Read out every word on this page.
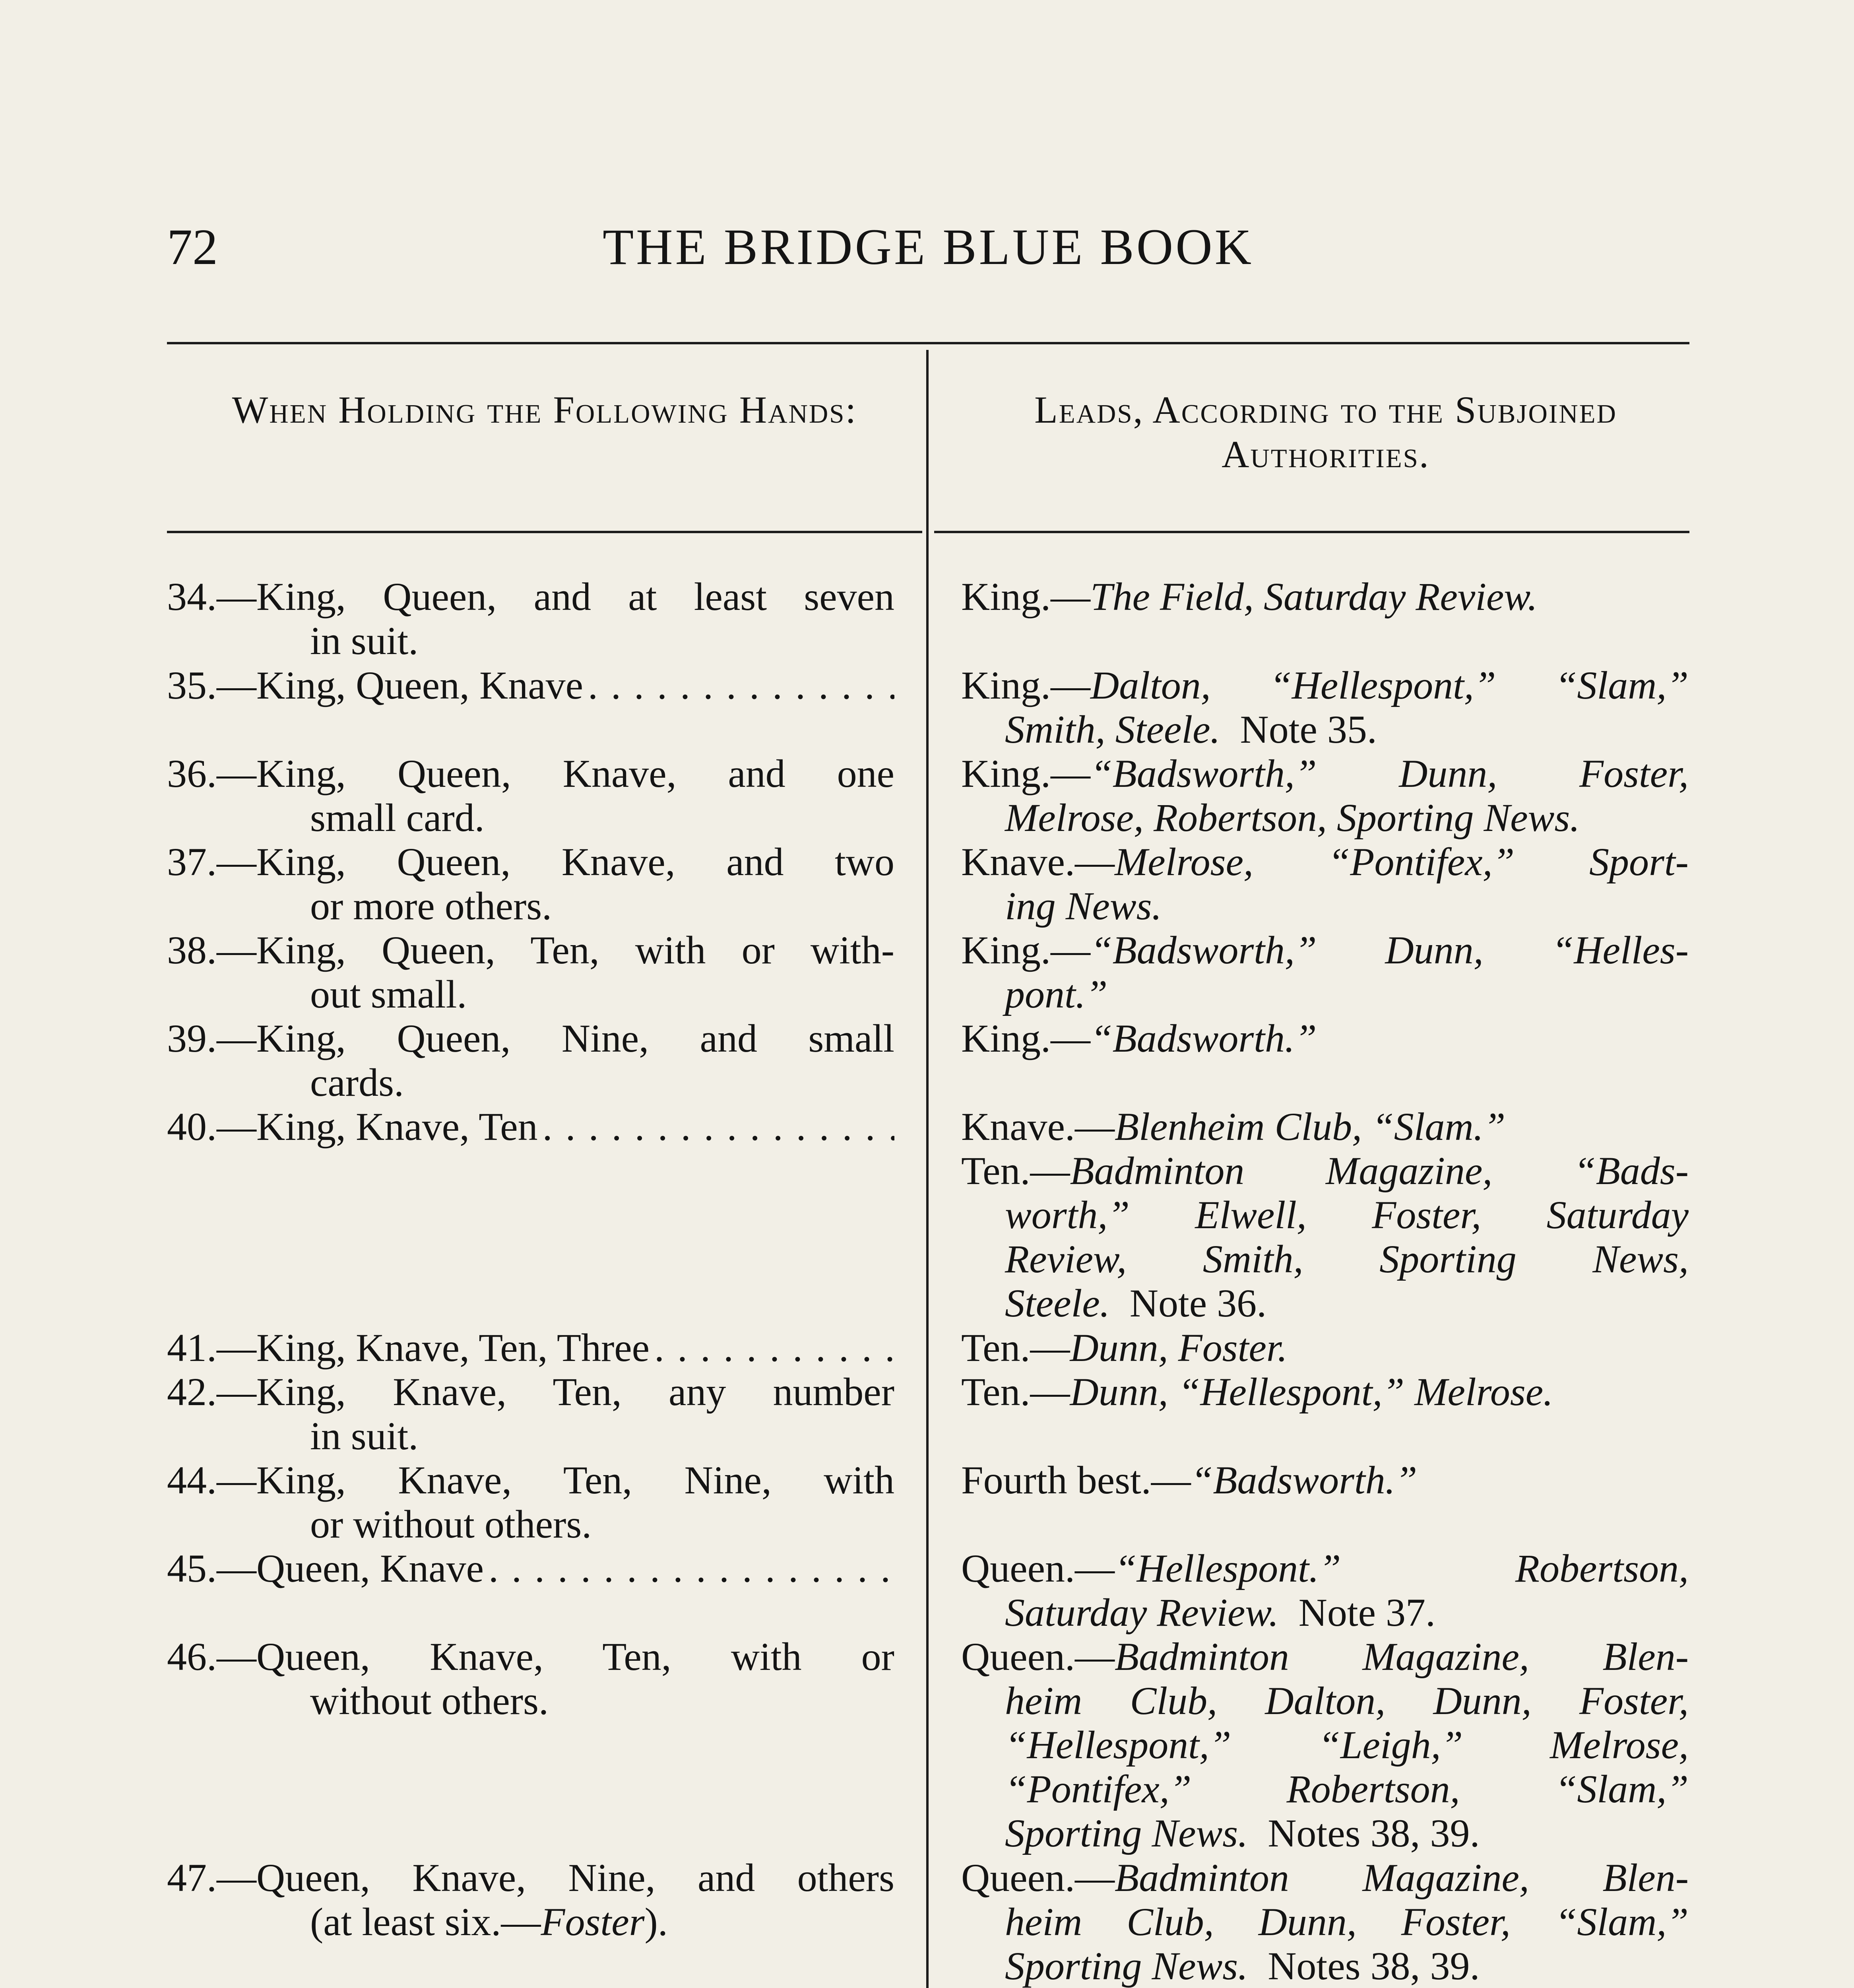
72	THE BRIDGE BLUE BOOK
When Holding the Following Hands:	Leads, According to the Subjoined Authorities.
34.—King, Queen, and at least seven
in suit.
35.—King, Queen, Knave
. . .
36.—King, Queen, Knave, and one
small card.
37.—King, Queen, Knave, and two
or more others.
38.—King, Queen, Ten, with or with-
out small.
39.—King, Queen, Nine, and small
cards.
40.—King, Knave, Ten
. . .
41.—King, Knave, Ten, Three
. . .
42.—King, Knave, Ten, any number
in suit.
44.—King, Knave, Ten, Nine, with
or without others.
45.—Queen, Knave
. . .
46.—Queen, Knave, Ten, with or
without others.
47.—Queen, Knave, Nine, and others
(at least six.—Foster).
King.—The Field, Saturday Review.
King.—Dalton, “Hellespont,” “Slam,”
Smith, Steele. Note 35.
King.—“Badsworth,” Dunn, Foster,
Melrose, Robertson, Sporting News.
Knave.—Melrose, “Pontifex,” Sport-
ing News.
King.—“Badsworth,” Dunn, “Helles-
pont.”
King.—“Badsworth.”
Knave.—Blenheim Club, “Slam.”
Ten.—Badminton Magazine, “Bads-
worth,” Elwell, Foster, Saturday
Review, Smith, Sporting News,
Steele. Note 36.
Ten.—Dunn, Foster.
Ten.—Dunn, “Hellespont,” Melrose.
Fourth best.—“Badsworth.”
Queen.—“Hellespont.” Robertson,
Saturday Review. Note 37.
Queen.—Badminton Magazine, Blen-
heim Club, Dalton, Dunn, Foster,
“Hellespont,” “Leigh,” Melrose,
“Pontifex,” Robertson, “Slam,”
Sporting News. Notes 38, 39.
Queen.—Badminton Magazine, Blen-
heim Club, Dunn, Foster, “Slam,”
Sporting News. Notes 38, 39.
